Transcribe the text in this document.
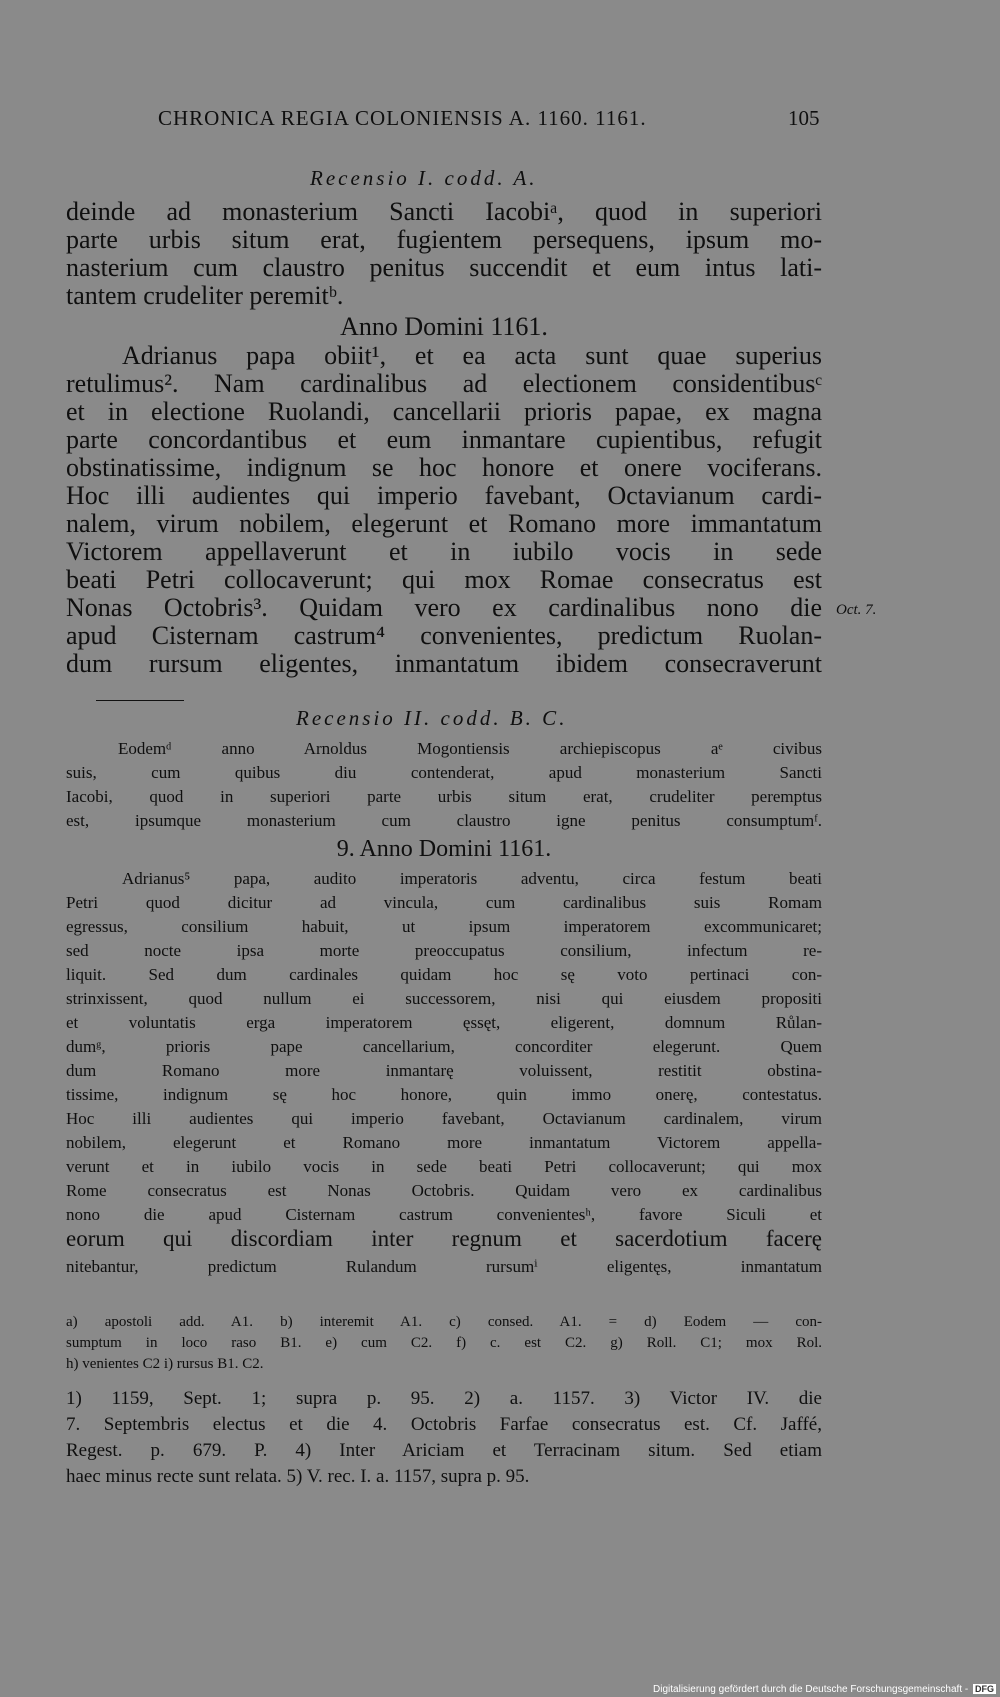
CHRONICA REGIA COLONIENSIS A. 1160. 1161.	105
Recensio I. codd. A.
deinde ad monasterium Sancti Iacobiᵃ, quod in superiori
parte urbis situm erat, fugientem persequens, ipsum mo-
nasterium cum claustro penitus succendit et eum intus lati-
tantem crudeliter peremitᵇ.
Anno Domini 1161.
Adrianus papa obiit¹, et ea acta sunt quae superius
retulimus². Nam cardinalibus ad electionem considentibusᶜ
et in electione Ruolandi, cancellarii prioris papae, ex magna
parte concordantibus et eum inmantare cupientibus, refugit
obstinatissime, indignum se hoc honore et onere vociferans.
Hoc illi audientes qui imperio favebant, Octavianum cardi-
nalem, virum nobilem, elegerunt et Romano more immantatum
Victorem appellaverunt et in iubilo vocis in sede
beati Petri collocaverunt; qui mox Romae consecratus est
Nonas Octobris³. Quidam vero ex cardinalibus nono die
apud Cisternam castrum⁴ convenientes, predictum Ruolan-
dum rursum eligentes, inmantatum ibidem consecraverunt
Oct. 7.
Recensio II. codd. B. C.
Eodemᵈ anno Arnoldus Mogontiensis archiepiscopus aᵉ civibus
suis, cum quibus diu contenderat, apud monasterium Sancti
Iacobi, quod in superiori parte urbis situm erat, crudeliter peremptus
est, ipsumque monasterium cum claustro igne penitus consumptumᶠ.
9. Anno Domini 1161.
Adrianus⁵ papa, audito imperatoris adventu, circa festum beati
Petri quod dicitur ad vincula, cum cardinalibus suis Romam
egressus, consilium habuit, ut ipsum imperatorem excommunicaret;
sed nocte ipsa morte preoccupatus consilium, infectum re-
liquit. Sed dum cardinales quidam hoc sę voto pertinaci con-
strinxissent, quod nullum ei successorem, nisi qui eiusdem propositi
et voluntatis erga imperatorem ęssęt, eligerent, domnum Růlan-
dumᵍ, prioris pape cancellarium, concorditer elegerunt. Quem
dum Romano more inmantarę voluissent, restitit obstina-
tissime, indignum sę hoc honore, quin immo onerę, contestatus.
Hoc illi audientes qui imperio favebant, Octavianum cardinalem, virum
nobilem, elegerunt et Romano more inmantatum Victorem appella-
verunt et in iubilo vocis in sede beati Petri collocaverunt; qui mox
Rome consecratus est Nonas Octobris. Quidam vero ex cardinalibus
nono die apud Cisternam castrum convenientesʰ, favore Siculi et
eorum qui discordiam inter regnum et sacerdotium facerę
nitebantur, predictum Rulandum rursumⁱ eligentęs, inmantatum
a) apostoli add. A1. b) interemit A1. c) consed. A1. = d) Eodem — con-
sumptum in loco raso B1. e) cum C2. f) c. est C2. g) Roll. C1; mox Rol.
h) venientes C2 i) rursus B1. C2.
1) 1159, Sept. 1; supra p. 95. 2) a. 1157. 3) Victor IV. die
7. Septembris electus et die 4. Octobris Farfae consecratus est. Cf. Jaffé,
Regest. p. 679. P. 4) Inter Ariciam et Terracinam situm. Sed etiam
haec minus recte sunt relata. 5) V. rec. I. a. 1157, supra p. 95.
Digitalisierung gefördert durch die Deutsche Forschungsgemeinschaft - DFG
